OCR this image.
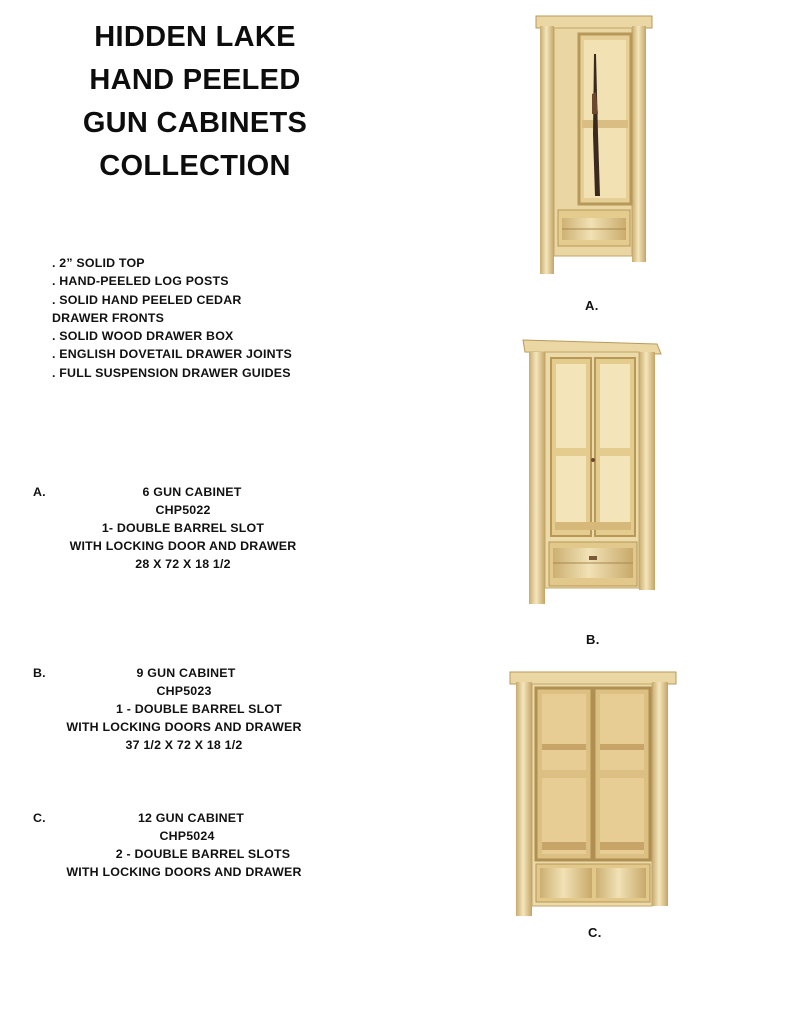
HIDDEN LAKE
HAND PEELED
GUN CABINETS
COLLECTION
. 2” SOLID TOP
. HAND-PEELED LOG POSTS
. SOLID HAND PEELED CEDAR
DRAWER FRONTS
. SOLID WOOD DRAWER BOX
. ENGLISH DOVETAIL DRAWER JOINTS
. FULL SUSPENSION DRAWER GUIDES
A.	6 GUN CABINET
CHP5022
1- DOUBLE BARREL SLOT
WITH LOCKING DOOR AND DRAWER
28 X 72 X 18 1/2
B.	9 GUN CABINET
CHP5023
1 - DOUBLE BARREL SLOT
WITH LOCKING DOORS AND DRAWER
37 1/2 X 72 X 18 1/2
C.	12 GUN CABINET
CHP5024
2 - DOUBLE BARREL SLOTS
WITH LOCKING DOORS AND DRAWER
A.
B.
C.
